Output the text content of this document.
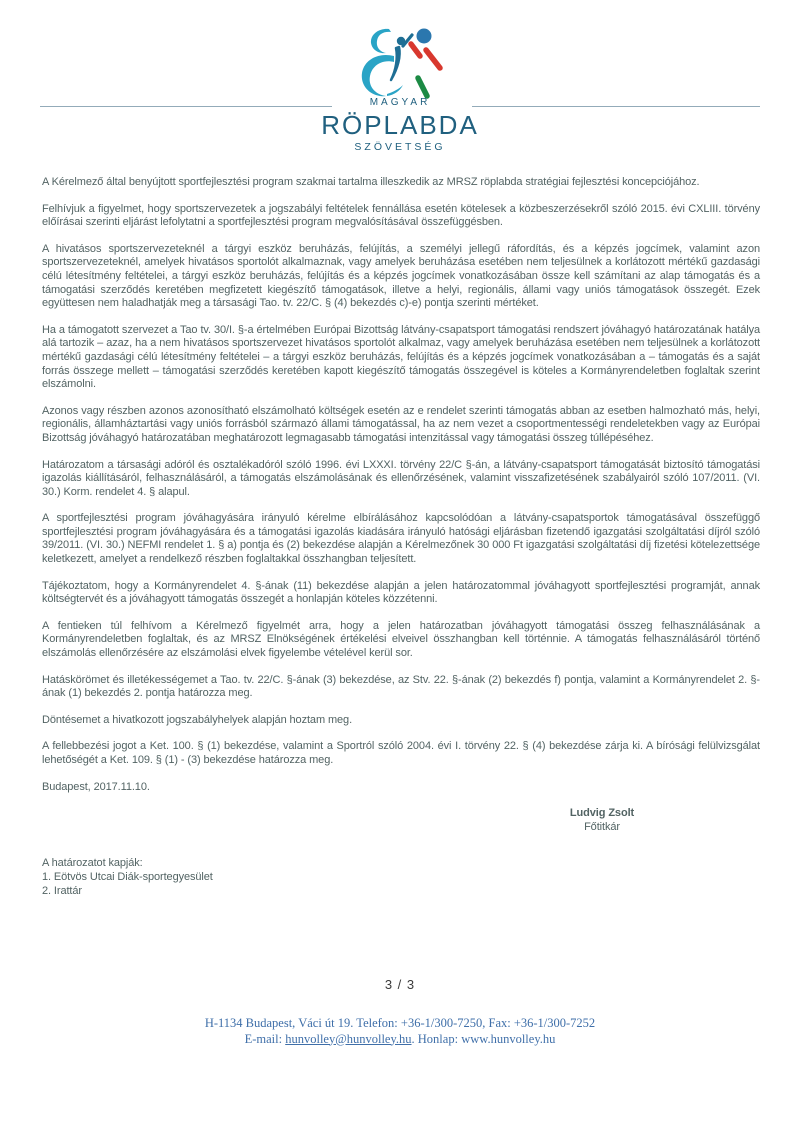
MAGYAR
RÖPLABDA
SZÖVETSÉG

A Kérelmező által benyújtott sportfejlesztési program szakmai tartalma illeszkedik az MRSZ röplabda stratégiai fejlesztési koncepciójához.

Felhívjuk a figyelmet, hogy sportszervezetek a jogszabályi feltételek fennállása esetén kötelesek a közbeszerzésekről szóló 2015. évi CXLIII. törvény előírásai szerinti eljárást lefolytatni a sportfejlesztési program megvalósításával összefüggésben.

A hivatásos sportszervezeteknél a tárgyi eszköz beruházás, felújítás, a személyi jellegű ráfordítás, és a képzés jogcímek, valamint azon sportszervezeteknél, amelyek hivatásos sportolót alkalmaznak, vagy amelyek beruházása esetében nem teljesülnek a korlátozott mértékű gazdasági célú létesítmény feltételei, a tárgyi eszköz beruházás, felújítás és a képzés jogcímek vonatkozásában össze kell számítani az alap támogatás és a támogatási szerződés keretében megfizetett kiegészítő támogatások, illetve a helyi, regionális, állami vagy uniós támogatások összegét. Ezek együttesen nem haladhatják meg a társasági Tao. tv. 22/C. § (4) bekezdés c)-e) pontja szerinti mértéket.

Ha a támogatott szervezet a Tao tv. 30/I. §-a értelmében Európai Bizottság látvány-csapatsport támogatási rendszert jóváhagyó határozatának hatálya alá tartozik – azaz, ha a nem hivatásos sportszervezet hivatásos sportolót alkalmaz, vagy amelyek beruházása esetében nem teljesülnek a korlátozott mértékű gazdasági célú létesítmény feltételei – a tárgyi eszköz beruházás, felújítás és a képzés jogcímek vonatkozásában a – támogatás és a saját forrás összege mellett – támogatási szerződés keretében kapott kiegészítő támogatás összegével is köteles a Kormányrendeletben foglaltak szerint elszámolni.

Azonos vagy részben azonos azonosítható elszámolható költségek esetén az e rendelet szerinti támogatás abban az esetben halmozható más, helyi, regionális, államháztartási vagy uniós forrásból származó állami támogatással, ha az nem vezet a csoportmentességi rendeletekben vagy az Európai Bizottság jóváhagyó határozatában meghatározott legmagasabb támogatási intenzitással vagy támogatási összeg túllépéséhez.

Határozatom a társasági adóról és osztalékadóról szóló 1996. évi LXXXI. törvény 22/C §-án, a látvány-csapatsport támogatását biztosító támogatási igazolás kiállításáról, felhasználásáról, a támogatás elszámolásának és ellenőrzésének, valamint visszafizetésének szabályairól szóló 107/2011. (VI. 30.) Korm. rendelet 4. § alapul.

A sportfejlesztési program jóváhagyására irányuló kérelme elbírálásához kapcsolódóan a látvány-csapatsportok támogatásával összefüggő sportfejlesztési program jóváhagyására és a támogatási igazolás kiadására irányuló hatósági eljárásban fizetendő igazgatási szolgáltatási díjról szóló 39/2011. (VI. 30.) NEFMI rendelet 1. § a) pontja és (2) bekezdése alapján a Kérelmezőnek 30 000 Ft igazgatási szolgáltatási díj fizetési kötelezettsége keletkezett, amelyet a rendelkező részben foglaltakkal összhangban teljesített.

Tájékoztatom, hogy a Kormányrendelet 4. §-ának (11) bekezdése alapján a jelen határozatommal jóváhagyott sportfejlesztési programját, annak költségtervét és a jóváhagyott támogatás összegét a honlapján köteles közzétenni.

A fentieken túl felhívom a Kérelmező figyelmét arra, hogy a jelen határozatban jóváhagyott támogatási összeg felhasználásának a Kormányrendeletben foglaltak, és az MRSZ Elnökségének értékelési elveivel összhangban kell történnie. A támogatás felhasználásáról történő elszámolás ellenőrzésére az elszámolási elvek figyelembe vételével kerül sor.

Hatáskörömet és illetékességemet a Tao. tv. 22/C. §-ának (3) bekezdése, az Stv. 22. §-ának (2) bekezdés f) pontja, valamint a Kormányrendelet 2. §-ának (1) bekezdés 2. pontja határozza meg.

Döntésemet a hivatkozott jogszabályhelyek alapján hoztam meg.

A fellebbezési jogot a Ket. 100. § (1) bekezdése, valamint a Sportról szóló 2004. évi I. törvény 22. § (4) bekezdése zárja ki. A bírósági felülvizsgálat lehetőségét a Ket. 109. § (1) - (3) bekezdése határozza meg.

Budapest, 2017.11.10.

Ludvig Zsolt
Főtitkár
A határozatot kapják:
1. Eötvös Utcai Diák-sportegyesület
2. Irattár
3 / 3
H-1134 Budapest, Váci út 19. Telefon: +36-1/300-7250, Fax: +36-1/300-7252
E-mail: hunvolley@hunvolley.hu. Honlap: www.hunvolley.hu
